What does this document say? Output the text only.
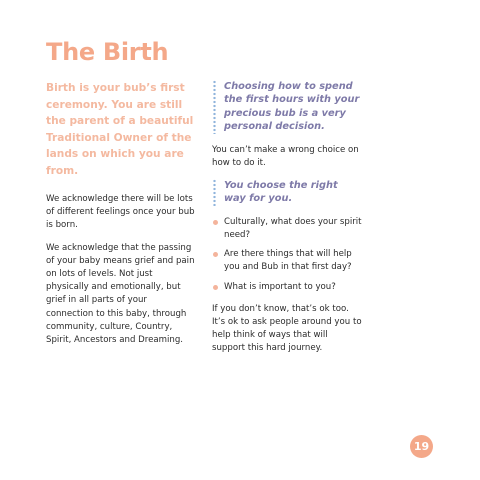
The Birth

Birth is your bub’s first ceremony. You are still the parent of a beautiful Traditional Owner of the lands on which you are from.

We acknowledge there will be lots of different feelings once your bub is born.

We acknowledge that the passing of your baby means grief and pain on lots of levels. Not just physically and emotionally, but grief in all parts of your connection to this baby, through community, culture, Country, Spirit, Ancestors and Dreaming.

Choosing how to spend the first hours with your precious bub is a very personal decision.

You can’t make a wrong choice on how to do it.

You choose the right way for you.
Culturally, what does your spirit need?
Are there things that will help you and Bub in that first day?
What is important to you?

If you don’t know, that’s ok too. It’s ok to ask people around you to help think of ways that will support this hard journey.

19
